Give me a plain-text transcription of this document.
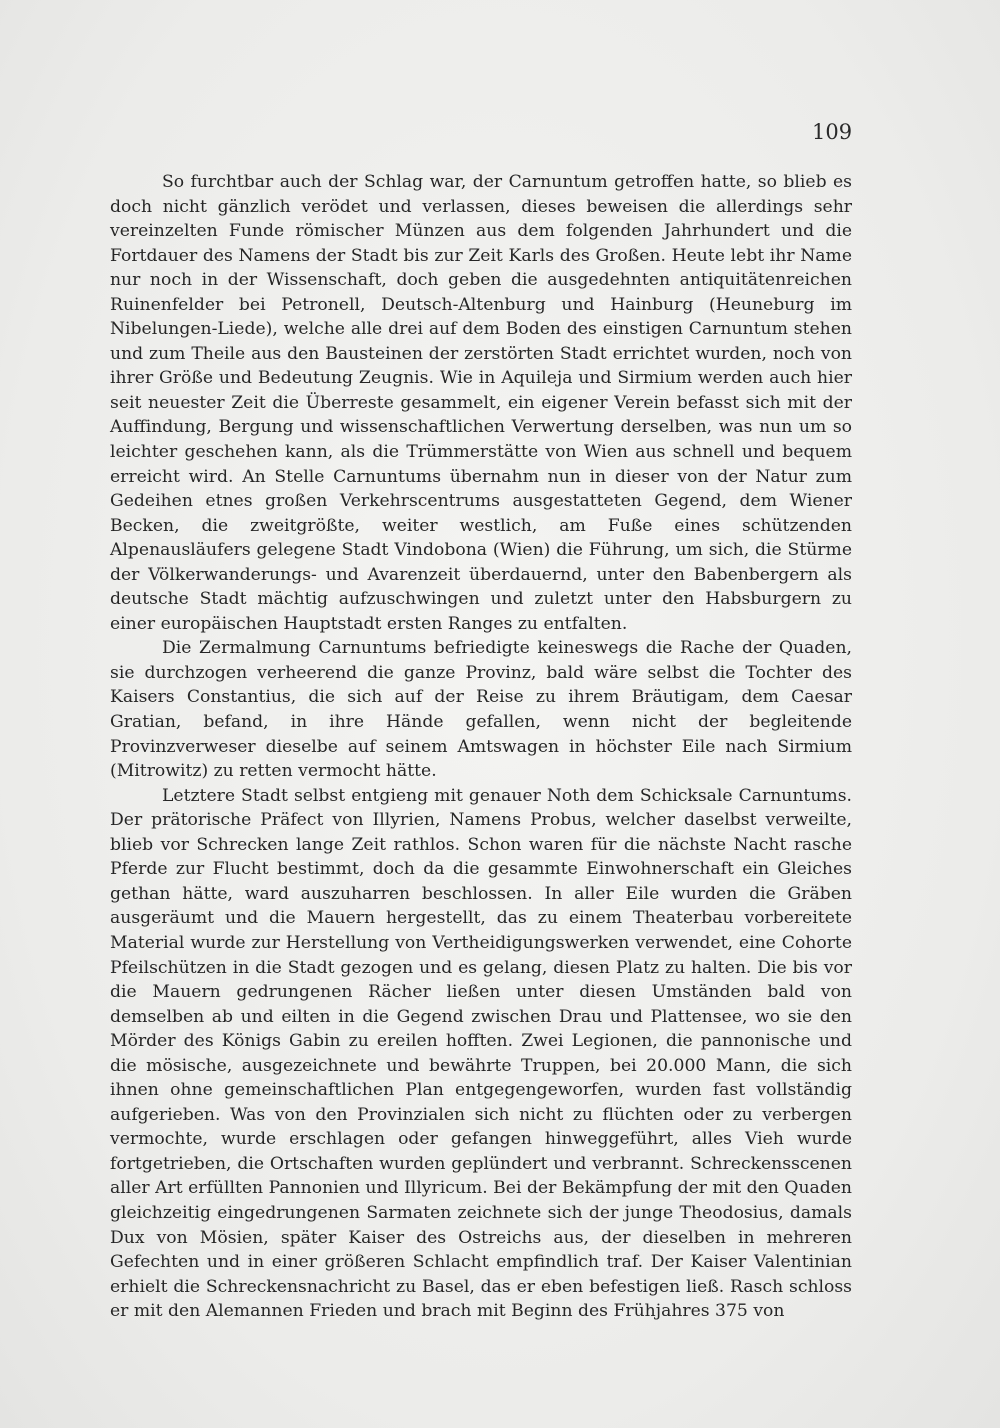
109

So furchtbar auch der Schlag war, der Carnuntum getroffen hatte, so blieb es doch nicht gänzlich verödet und verlassen, dieses beweisen die allerdings sehr vereinzelten Funde römischer Münzen aus dem folgenden Jahrhundert und die Fortdauer des Namens der Stadt bis zur Zeit Karls des Großen. Heute lebt ihr Name nur noch in der Wissenschaft, doch geben die ausgedehnten antiquitätenreichen Ruinenfelder bei Petronell, Deutsch-Altenburg und Hainburg (Heuneburg im Nibelungen-Liede), welche alle drei auf dem Boden des einstigen Carnuntum stehen und zum Theile aus den Bausteinen der zerstörten Stadt errichtet wurden, noch von ihrer Größe und Bedeutung Zeugnis. Wie in Aquileja und Sirmium werden auch hier seit neuester Zeit die Überreste gesammelt, ein eigener Verein befasst sich mit der Auffindung, Bergung und wissenschaftlichen Verwertung derselben, was nun um so leichter geschehen kann, als die Trümmerstätte von Wien aus schnell und bequem erreicht wird. An Stelle Carnuntums übernahm nun in dieser von der Natur zum Gedeihen etnes großen Verkehrscentrums ausgestatteten Gegend, dem Wiener Becken, die zweitgrößte, weiter westlich, am Fuße eines schützenden Alpenausläufers gelegene Stadt Vindobona (Wien) die Führung, um sich, die Stürme der Völkerwanderungs- und Avarenzeit überdauernd, unter den Babenbergern als deutsche Stadt mächtig aufzuschwingen und zuletzt unter den Habsburgern zu einer europäischen Hauptstadt ersten Ranges zu entfalten.

Die Zermalmung Carnuntums befriedigte keineswegs die Rache der Quaden, sie durchzogen verheerend die ganze Provinz, bald wäre selbst die Tochter des Kaisers Constantius, die sich auf der Reise zu ihrem Bräutigam, dem Caesar Gratian, befand, in ihre Hände gefallen, wenn nicht der begleitende Provinzverweser dieselbe auf seinem Amtswagen in höchster Eile nach Sirmium (Mitrowitz) zu retten vermocht hätte.

Letztere Stadt selbst entgieng mit genauer Noth dem Schicksale Carnuntums. Der prätorische Präfect von Illyrien, Namens Probus, welcher daselbst verweilte, blieb vor Schrecken lange Zeit rathlos. Schon waren für die nächste Nacht rasche Pferde zur Flucht bestimmt, doch da die gesammte Einwohnerschaft ein Gleiches gethan hätte, ward auszuharren beschlossen. In aller Eile wurden die Gräben ausgeräumt und die Mauern hergestellt, das zu einem Theaterbau vorbereitete Material wurde zur Herstellung von Vertheidigungswerken verwendet, eine Cohorte Pfeilschützen in die Stadt gezogen und es gelang, diesen Platz zu halten. Die bis vor die Mauern gedrungenen Rächer ließen unter diesen Umständen bald von demselben ab und eilten in die Gegend zwischen Drau und Plattensee, wo sie den Mörder des Königs Gabin zu ereilen hofften. Zwei Legionen, die pannonische und die mösische, ausgezeichnete und bewährte Truppen, bei 20.000 Mann, die sich ihnen ohne gemeinschaftlichen Plan entgegengeworfen, wurden fast vollständig aufgerieben. Was von den Provinzialen sich nicht zu flüchten oder zu verbergen vermochte, wurde erschlagen oder gefangen hinweggeführt, alles Vieh wurde fortgetrieben, die Ortschaften wurden geplündert und verbrannt. Schreckensscenen aller Art erfüllten Pannonien und Illyricum. Bei der Bekämpfung der mit den Quaden gleichzeitig eingedrungenen Sarmaten zeichnete sich der junge Theodosius, damals Dux von Mösien, später Kaiser des Ostreichs aus, der dieselben in mehreren Gefechten und in einer größeren Schlacht empfindlich traf. Der Kaiser Valentinian erhielt die Schreckensnachricht zu Basel, das er eben befestigen ließ. Rasch schloss er mit den Alemannen Frieden und brach mit Beginn des Frühjahres 375 von
